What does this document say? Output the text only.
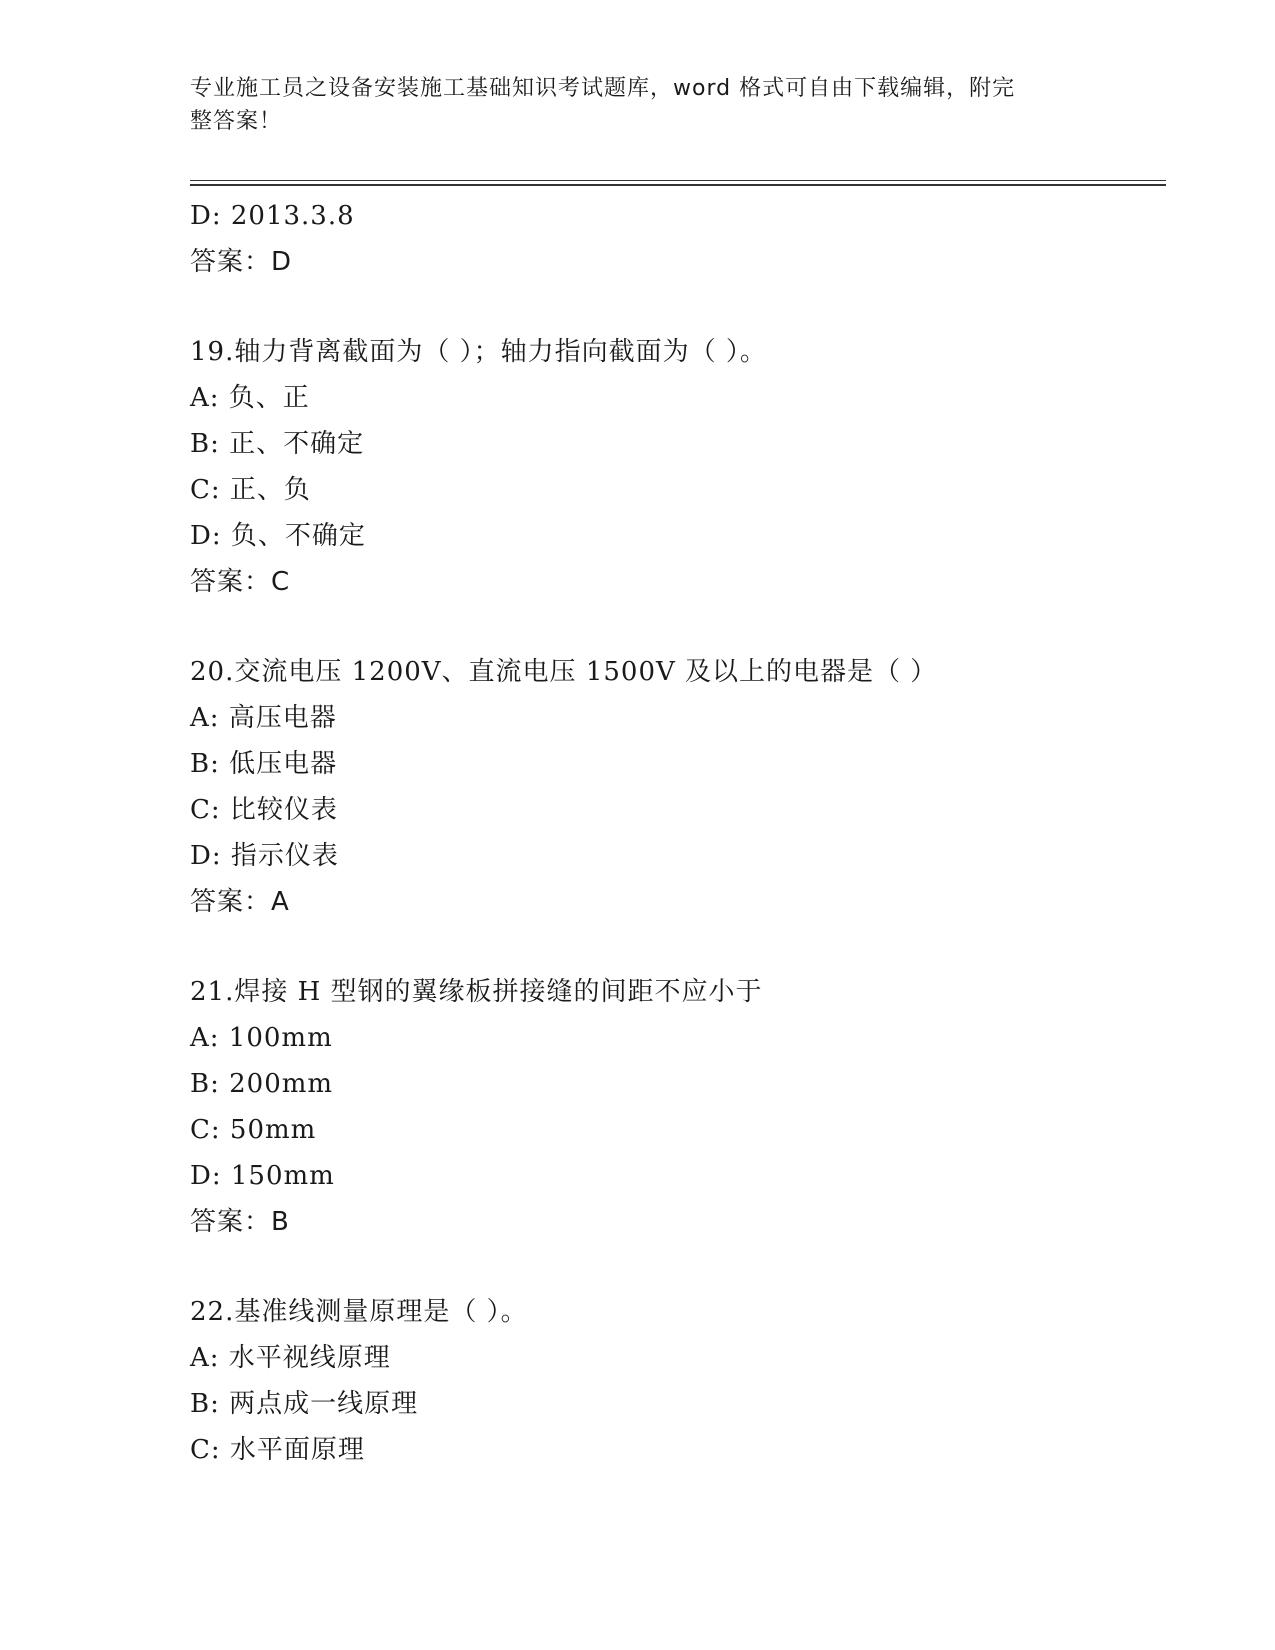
专业施工员之设备安装施工基础知识考试题库，word 格式可自由下载编辑，附完
整答案！
D: 2013.3.8
答案：D
19.轴力背离截面为（ ）；轴力指向截面为（ ）。
A: 负、正
B: 正、不确定
C: 正、负
D: 负、不确定
答案：C
20.交流电压 1200V、直流电压 1500V 及以上的电器是（ ）
A: 高压电器
B: 低压电器
C: 比较仪表
D: 指示仪表
答案：A
21.焊接 H 型钢的翼缘板拼接缝的间距不应小于
A: 100mm
B: 200mm
C: 50mm
D: 150mm
答案：B
22.基准线测量原理是（ ）。
A: 水平视线原理
B: 两点成一线原理
C: 水平面原理
